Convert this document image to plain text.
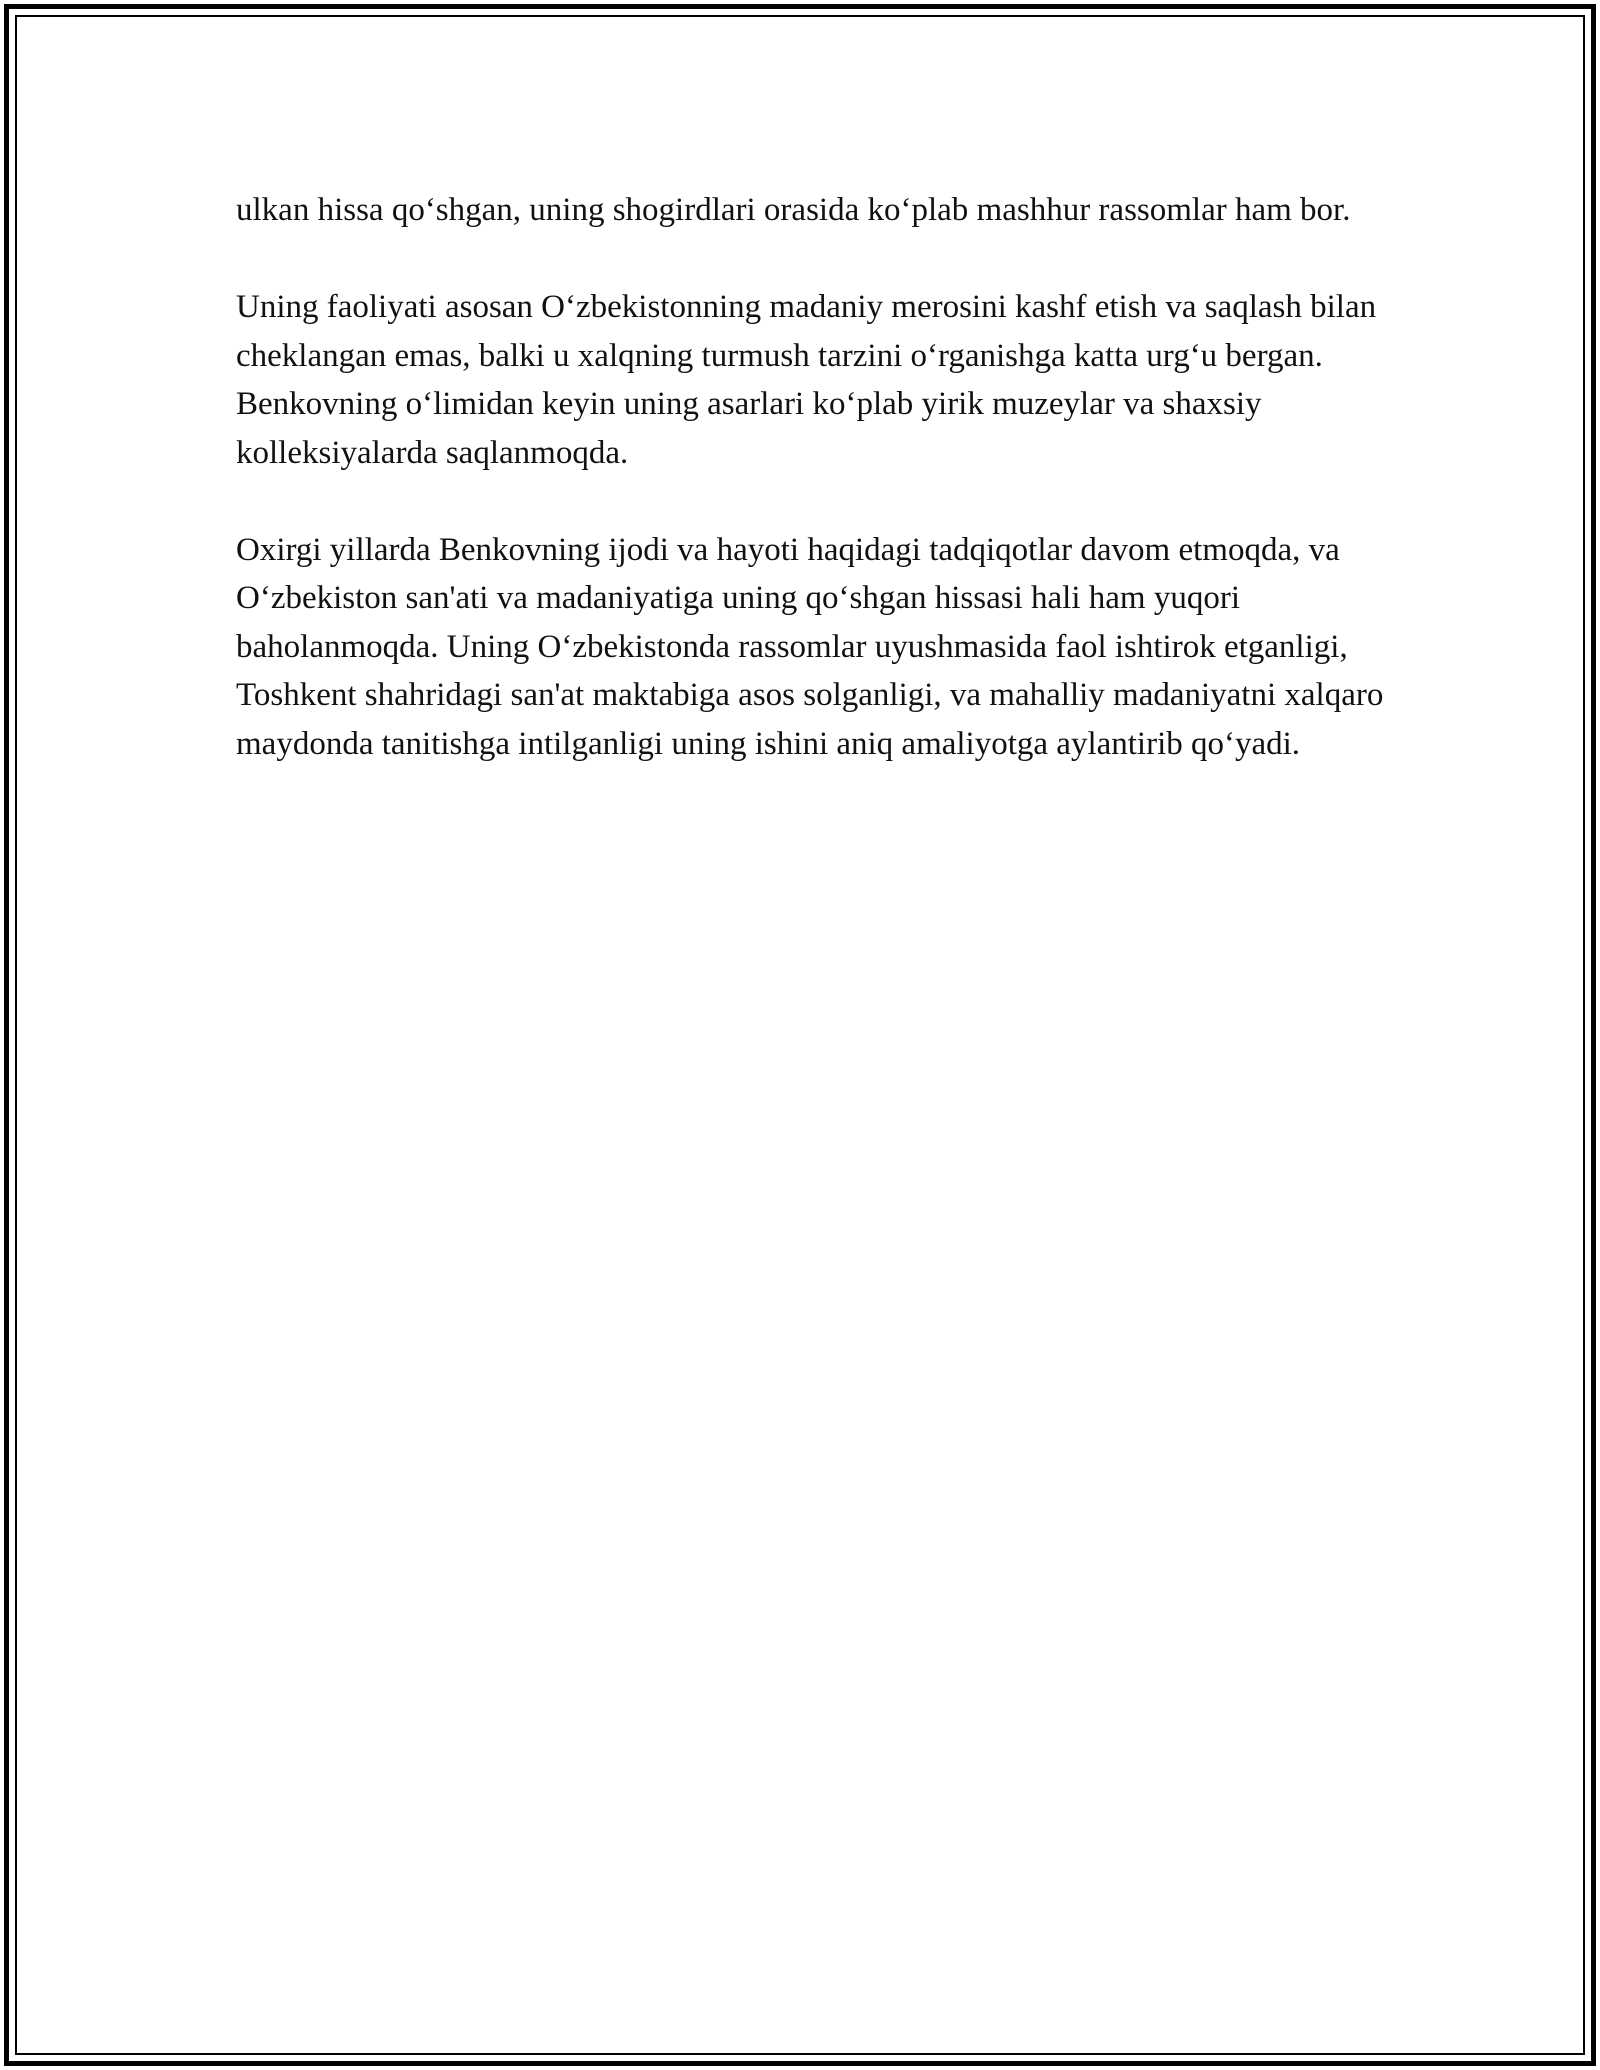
ulkan hissa qo‘shgan, uning shogirdlari orasida ko‘plab mashhur rassomlar ham bor.

Uning faoliyati asosan O‘zbekistonning madaniy merosini kashf etish va saqlash bilan cheklangan emas, balki u xalqning turmush tarzini o‘rganishga katta urg‘u bergan. Benkovning o‘limidan keyin uning asarlari ko‘plab yirik muzeylar va shaxsiy kolleksiyalarda saqlanmoqda.

Oxirgi yillarda Benkovning ijodi va hayoti haqidagi tadqiqotlar davom etmoqda, va O‘zbekiston san'ati va madaniyatiga uning qo‘shgan hissasi hali ham yuqori baholanmoqda. Uning O‘zbekistonda rassomlar uyushmasida faol ishtirok etganligi, Toshkent shahridagi san'at maktabiga asos solganligi, va mahalliy madaniyatni xalqaro maydonda tanitishga intilganligi uning ishini aniq amaliyotga aylantirib qo‘yadi.
